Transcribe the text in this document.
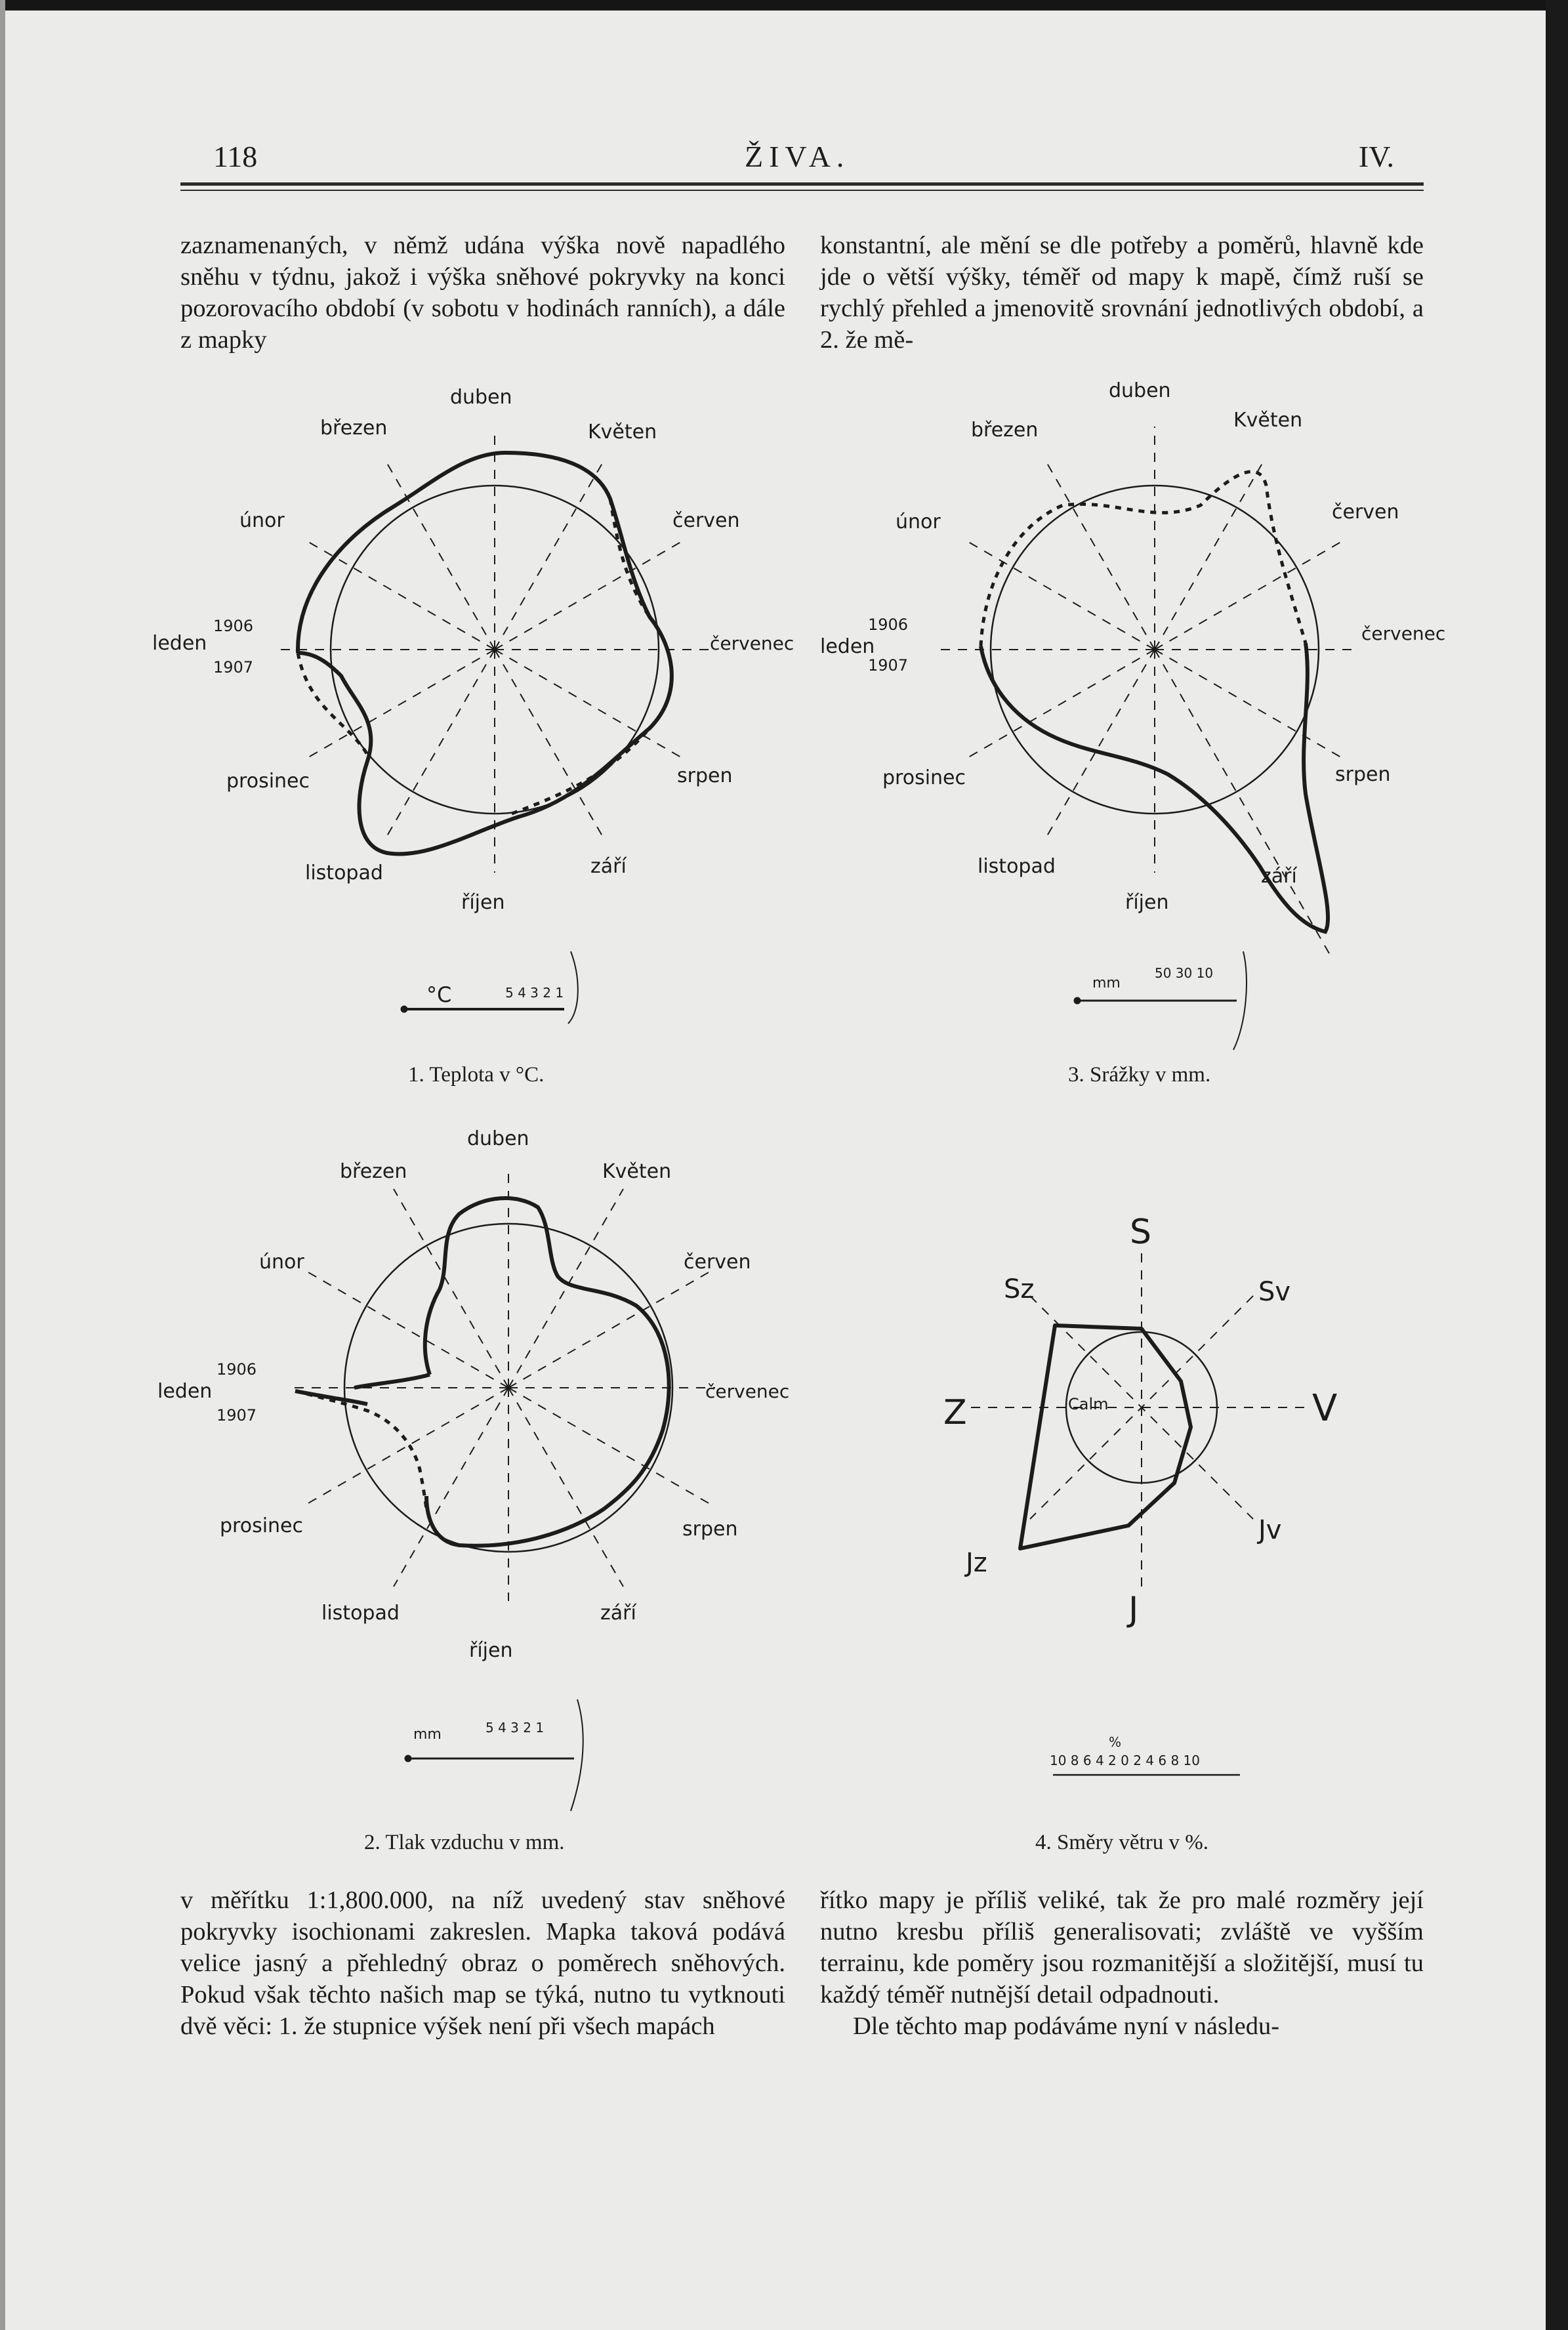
118	ŽIVA.	IV.

zaznamenaných, v němž udána výška nově napadlého sněhu v týdnu, jakož i výška sněhové pokryvky na konci pozorovacího období (v sobotu v hodinách ranních), a dále z mapky

konstantní, ale mění se dle potřeby a poměrů, hlavně kde jde o větší výšky, téměř od mapy k mapě, čímž ruší se rychlý přehled a jmenovitě srovnání jednotlivých období, a 2. že mě-

duben
březen	Květen
únor	červen
leden
1906
1907
červenec
prosinec	srpen
listopad	září
říjen
°C	5 4 3 2 1
1. Teplota v °C.
duben
březen	Květen
únor	červen
leden
1906
1907
červenec
prosinec	srpen
listopad	září
říjen
mm
50 30 10
3. Srážky v mm.
duben
březen	Květen
únor	červen
leden
1906
1907
červenec
prosinec	srpen
listopad	září
říjen
mm	5 4 3 2 1
2. Tlak vzduchu v mm.
S
Sv
V
Jv
J
Jz
Z
Sz
Calm
%
10 8 6 4 2 0 2 4 6 8 10
4. Směry větru v %.

v měřítku 1:1,800.000, na níž uvedený stav sněhové pokryvky isochionami zakreslen. Mapka taková podává velice jasný a přehledný obraz o poměrech sněhových. Pokud však těchto našich map se týká, nutno tu vytknouti dvě věci: 1. že stupnice výšek není při všech mapách

řítko mapy je příliš veliké, tak že pro malé rozměry její nutno kresbu příliš generalisovati; zvláště ve vyšším terrainu, kde poměry jsou rozmanitější a složitější, musí tu každý téměř nutnější detail odpadnouti.

Dle těchto map podáváme nyní v následu-
